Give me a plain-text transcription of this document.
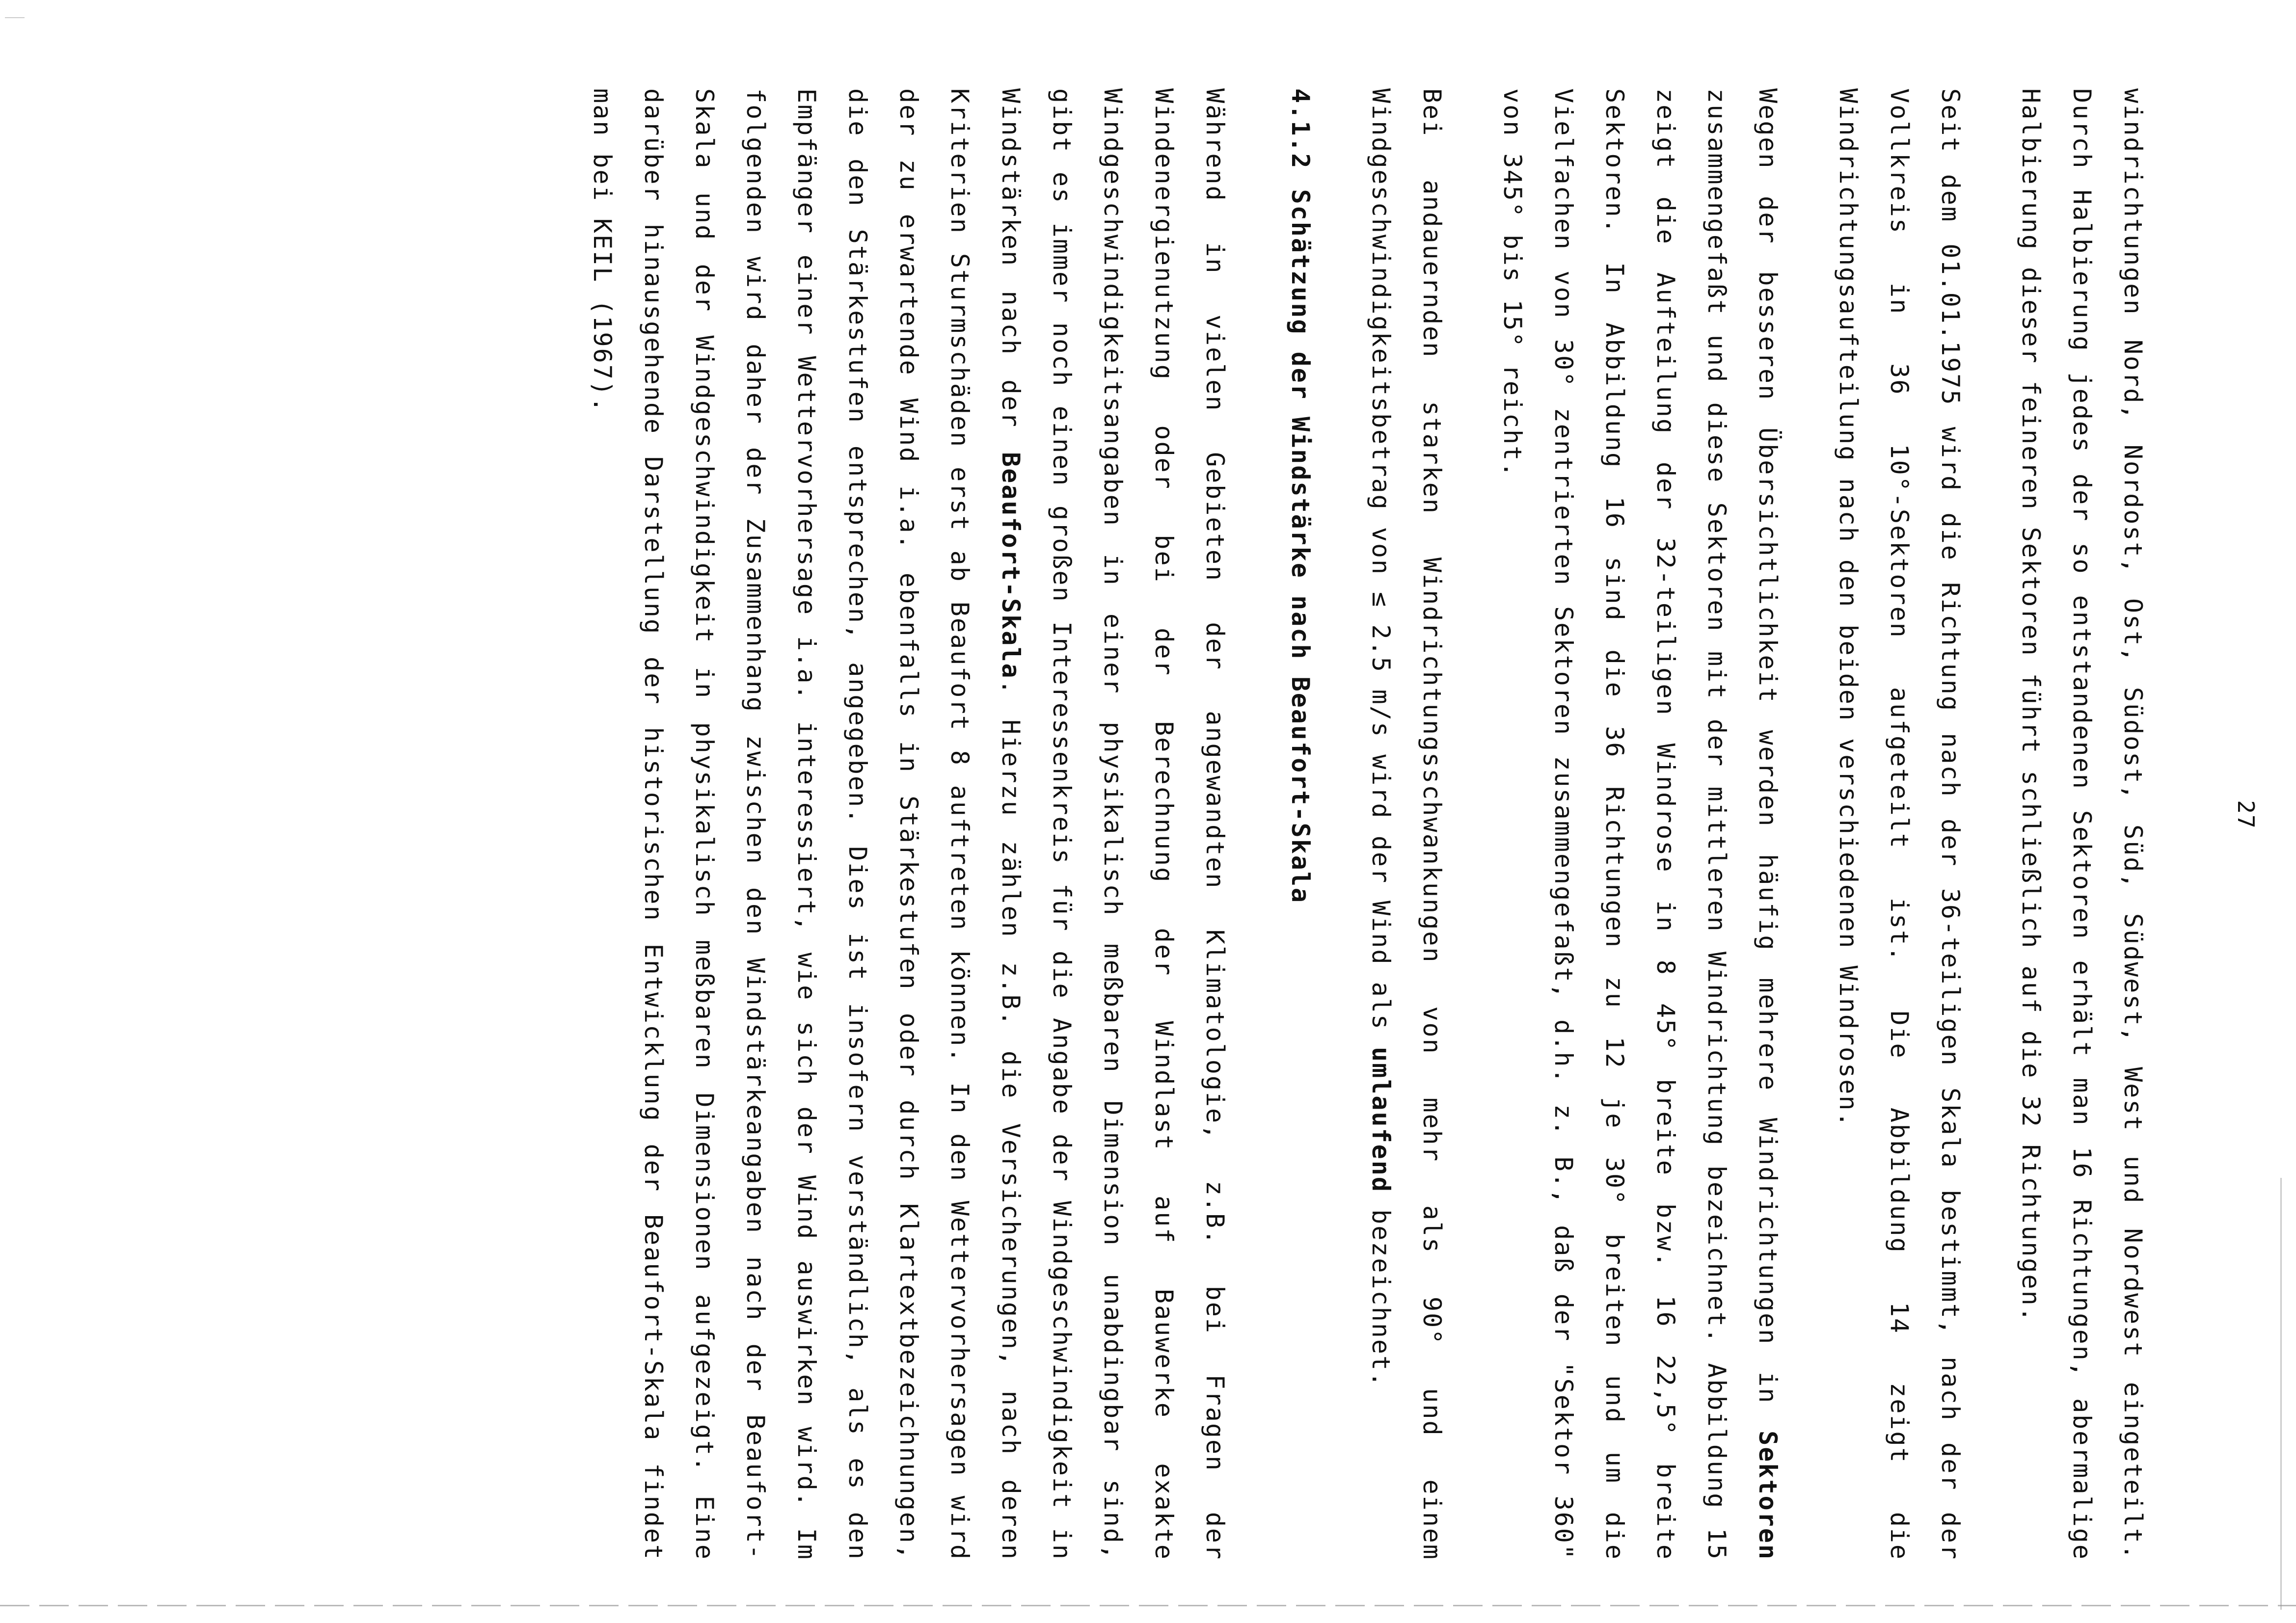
27

windrichtungen Nord, Nordost, Ost, Südost, Süd, Südwest, West und Nordwest eingeteilt. Durch Halbierung jedes der so entstandenen Sektoren erhält man 16 Richtungen, abermalige Halbierung dieser feineren Sektoren führt schließlich auf die 32 Richtungen.

Seit dem 01.01.1975 wird die Richtung nach der 36-teiligen Skala bestimmt, nach der der Vollkreis in 36 10°-Sektoren aufgeteilt ist. Die Abbildung 14 zeigt die Windrichtungsaufteilung nach den beiden verschiedenen Windrosen.

Wegen der besseren Übersichtlichkeit werden häufig mehrere Windrichtungen in Sektoren zusammengefaßt und diese Sektoren mit der mittleren Windrichtung bezeichnet. Abbildung 15 zeigt die Aufteilung der 32-teiligen Windrose in 8 45° breite bzw. 16 22,5° breite Sektoren. In Abbildung 16 sind die 36 Richtungen zu 12 je 30° breiten und um die Vielfachen von 30° zentrierten Sektoren zusammengefaßt, d.h. z. B., daß der "Sektor 360" von 345° bis 15° reicht.

Bei andauernden starken Windrichtungsschwankungen von mehr als 90° und einem Windgeschwindigkeitsbetrag von ≤ 2.5 m/s wird der Wind als umlaufend bezeichnet.

4.1.2
Schätzung der Windstärke nach Beaufort-Skala

Während in vielen Gebieten der angewandten Klimatologie, z.B. bei Fragen der Windenergienutzung oder bei der Berechnung der Windlast auf Bauwerke exakte Windgeschwindigkeitsangaben in einer physikalisch meßbaren Dimension unabdingbar sind, gibt es immer noch einen großen Interessenkreis für die Angabe der Windgeschwindigkeit in Windstärken nach der Beaufort-Skala. Hierzu zählen z.B. die Versicherungen, nach deren Kriterien Sturmschäden erst ab Beaufort 8 auftreten können. In den Wettervorhersagen wird der zu erwartende Wind i.a. ebenfalls in Stärkestufen oder durch Klartextbezeichnungen, die den Stärkestufen entsprechen, angegeben. Dies ist insofern verständlich, als es den Empfänger einer Wettervorhersage i.a. interessiert, wie sich der Wind auswirken wird. Im folgenden wird daher der Zusammenhang zwischen den Windstärkeangaben nach der Beaufort-Skala und der Windgeschwindigkeit in physikalisch meßbaren Dimensionen aufgezeigt. Eine darüber hinausgehende Darstellung der historischen Entwicklung der Beaufort-Skala findet man bei KEIL (1967).
